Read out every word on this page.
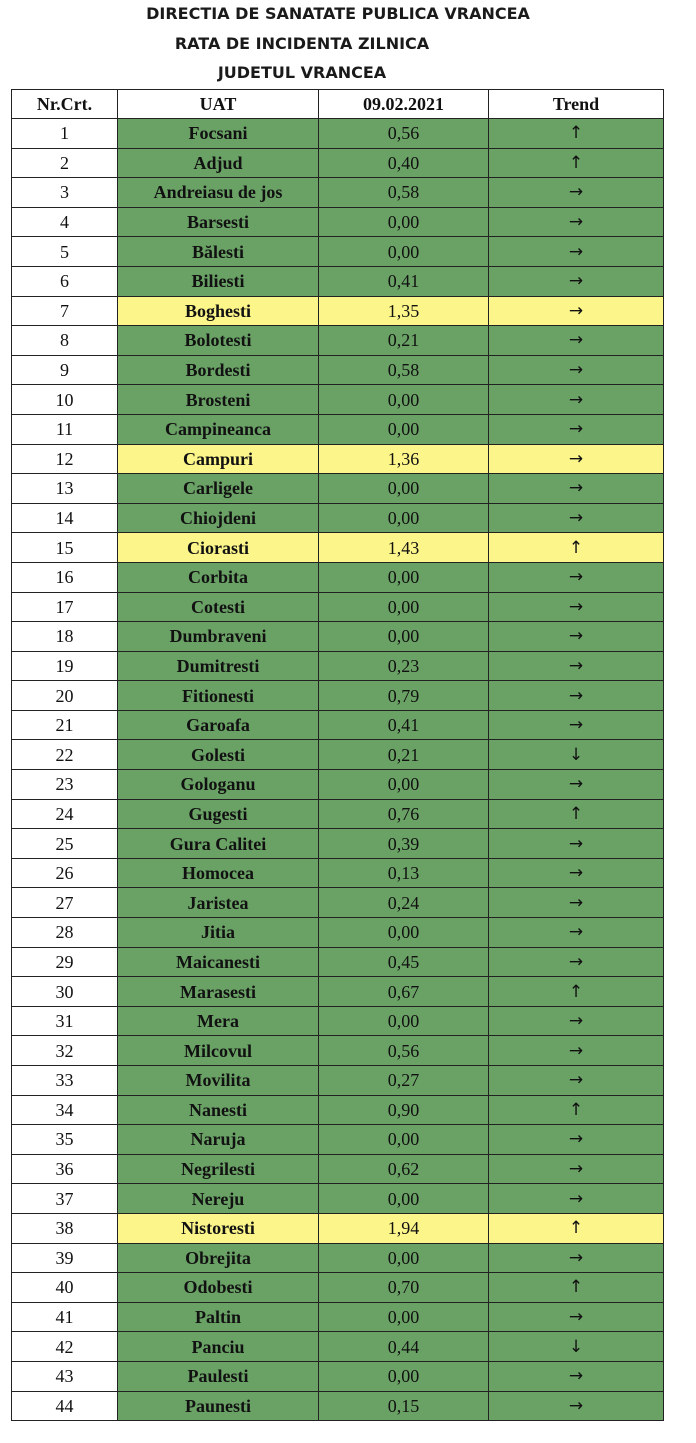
DIRECTIA DE SANATATE PUBLICA VRANCEA
RATA DE INCIDENTA ZILNICA
JUDETUL VRANCEA
Nr.Crt.	UAT	09.02.2021	Trend
1	Focsani	0,56	↑
2	Adjud	0,40	↑
3	Andreiasu de jos	0,58	→
4	Barsesti	0,00	→
5	Bălesti	0,00	→
6	Biliesti	0,41	→
7	Boghesti	1,35	→
8	Bolotesti	0,21	→
9	Bordesti	0,58	→
10	Brosteni	0,00	→
11	Campineanca	0,00	→
12	Campuri	1,36	→
13	Carligele	0,00	→
14	Chiojdeni	0,00	→
15	Ciorasti	1,43	↑
16	Corbita	0,00	→
17	Cotesti	0,00	→
18	Dumbraveni	0,00	→
19	Dumitresti	0,23	→
20	Fitionesti	0,79	→
21	Garoafa	0,41	→
22	Golesti	0,21	↓
23	Gologanu	0,00	→
24	Gugesti	0,76	↑
25	Gura Calitei	0,39	→
26	Homocea	0,13	→
27	Jaristea	0,24	→
28	Jitia	0,00	→
29	Maicanesti	0,45	→
30	Marasesti	0,67	↑
31	Mera	0,00	→
32	Milcovul	0,56	→
33	Movilita	0,27	→
34	Nanesti	0,90	↑
35	Naruja	0,00	→
36	Negrilesti	0,62	→
37	Nereju	0,00	→
38	Nistoresti	1,94	↑
39	Obrejita	0,00	→
40	Odobesti	0,70	↑
41	Paltin	0,00	→
42	Panciu	0,44	↓
43	Paulesti	0,00	→
44	Paunesti	0,15	→
